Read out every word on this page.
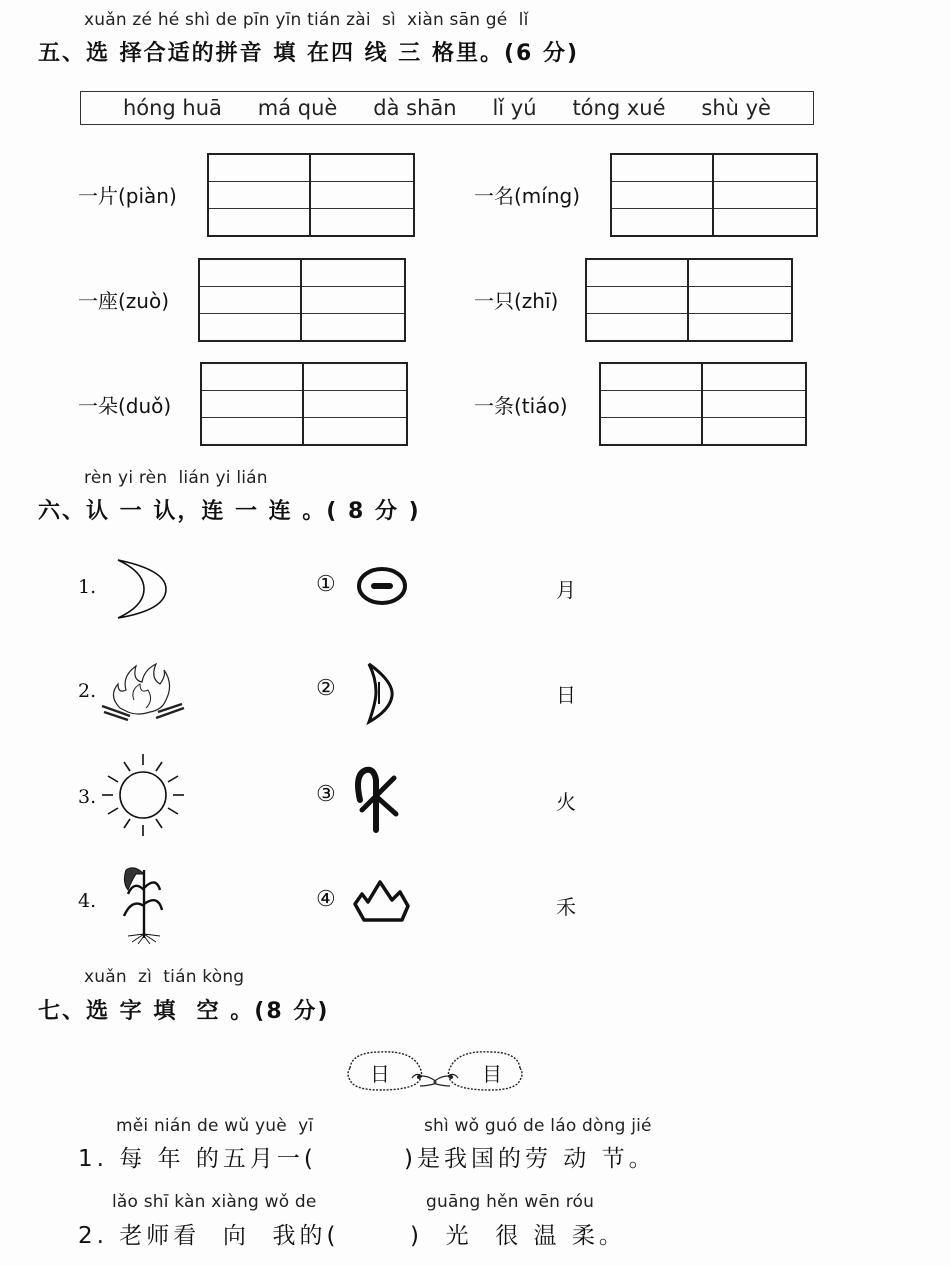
xuǎn zé hé shì de pīn yīn tián zài  sì  xiàn sān gé  lǐ
五、选 择合适的拼音 填 在四 线 三 格里。(6 分)
hóng huā má què dà shān lǐ yú tóng xué shù yè
一片(piàn)	一名(míng)
一座(zuò)	一只(zhī)
一朵(duǒ)	一条(tiáo)
rèn yi rèn  lián yi lián
六、认 一 认，连 一 连 。( 8 分 )
1.
2.
3.
4.
①
②
③
④
月
日
火
禾
xuǎn  zì  tián kòng
七、选 字 填  空 。(8 分)
日	目
měi nián de wǔ yuè  yī	shì wǒ guó de láo dòng jié
1. 每 年 的五月一(	)是我国的劳 动 节。
lǎo shī kàn xiàng wǒ de	guāng hěn wēn róu
2. 老师看  向  我的(	)  光  很 温 柔。
